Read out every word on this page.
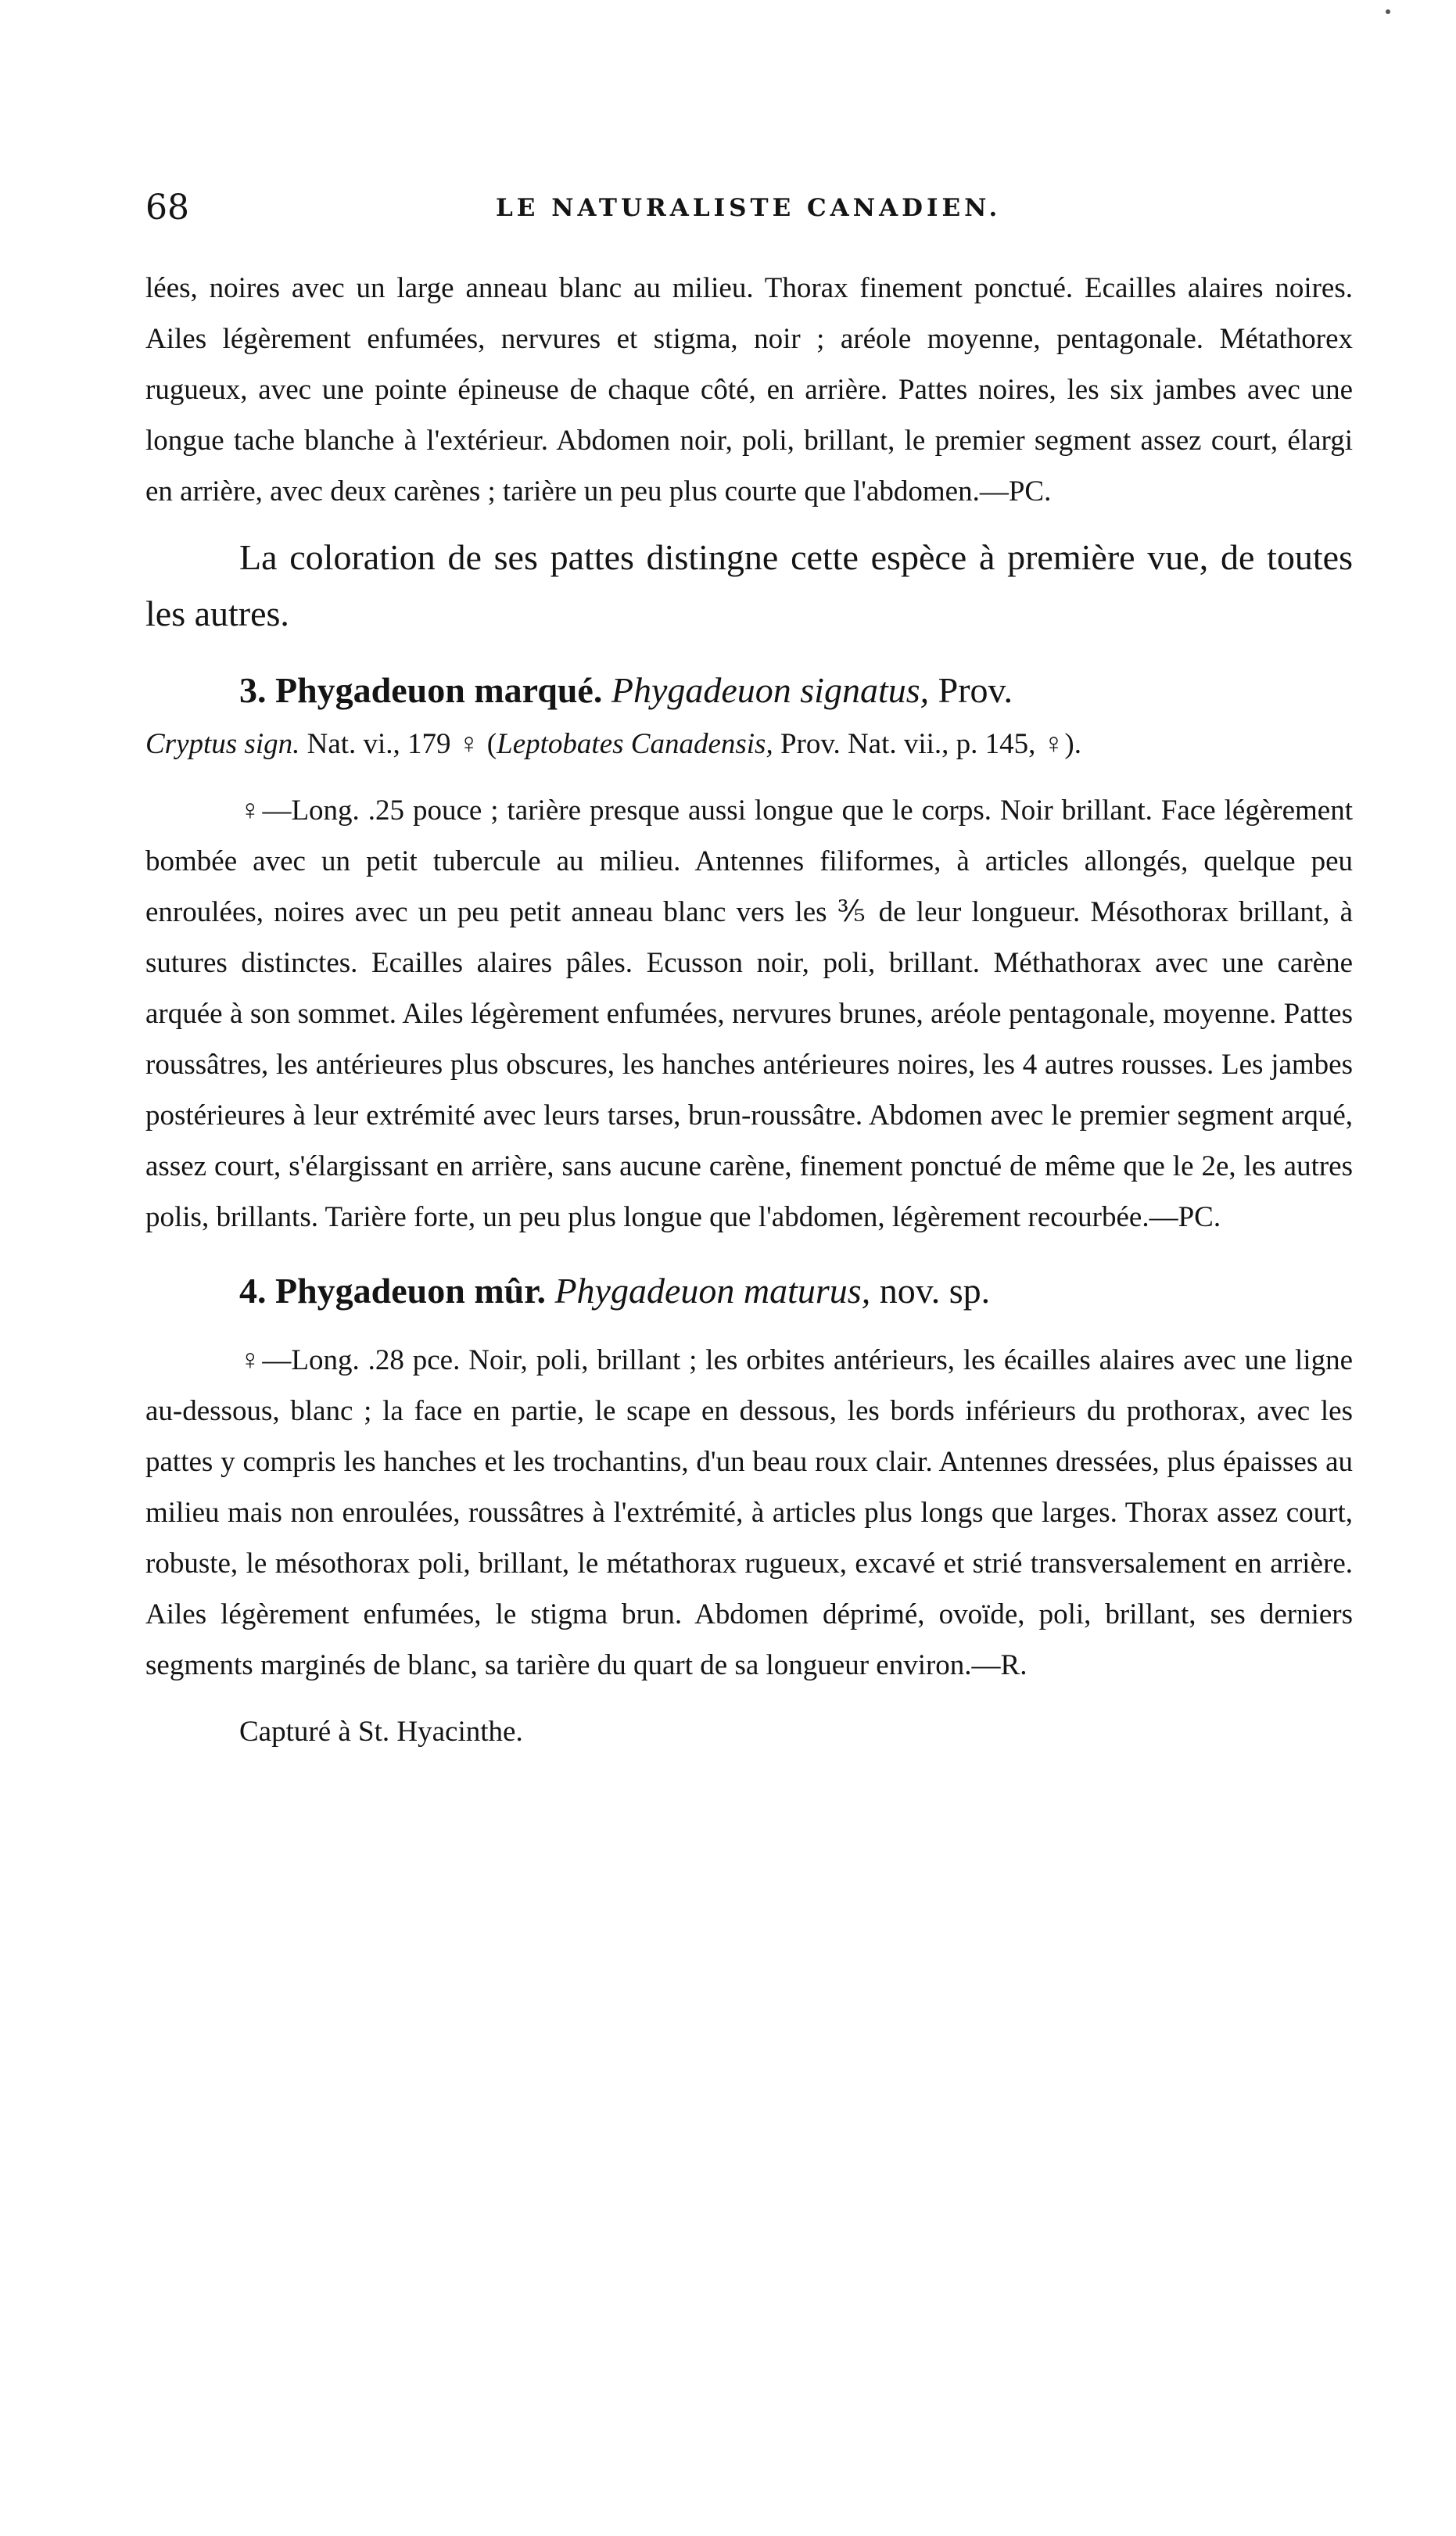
68	LE NATURALISTE CANADIEN.

lées, noires avec un large anneau blanc au milieu. Thorax finement ponctué. Ecailles alaires noires. Ailes légèrement enfumées, nervures et stigma, noir ; aréole moyenne, pentagonale. Métathorex rugueux, avec une pointe épineuse de chaque côté, en arrière. Pattes noires, les six jambes avec une longue tache blanche à l'extérieur. Abdomen noir, poli, brillant, le premier segment assez court, élargi en arrière, avec deux carènes ; tarière un peu plus courte que l'abdomen.—PC.

La coloration de ses pattes distingne cette espèce à première vue, de toutes les autres.

3. Phygadeuon marqué. Phygadeuon signatus, Prov.

Cryptus sign. Nat. vi., 179 ♀ (Leptobates Canadensis, Prov. Nat. vii., p. 145, ♀).

♀—Long. .25 pouce ; tarière presque aussi longue que le corps. Noir brillant. Face légèrement bombée avec un petit tubercule au milieu. Antennes filiformes, à articles allongés, quelque peu enroulées, noires avec un peu petit anneau blanc vers les ⅗ de leur longueur. Mésothorax brillant, à sutures distinctes. Ecailles alaires pâles. Ecusson noir, poli, brillant. Méthathorax avec une carène arquée à son sommet. Ailes légèrement enfumées, nervures brunes, aréole pentagonale, moyenne. Pattes roussâtres, les antérieures plus obscures, les hanches antérieures noires, les 4 autres rousses. Les jambes postérieures à leur extrémité avec leurs tarses, brun-roussâtre. Abdomen avec le premier segment arqué, assez court, s'élargissant en arrière, sans aucune carène, finement ponctué de même que le 2e, les autres polis, brillants. Tarière forte, un peu plus longue que l'abdomen, légèrement recourbée.—PC.

4. Phygadeuon mûr. Phygadeuon maturus, nov. sp.

♀—Long. .28 pce. Noir, poli, brillant ; les orbites antérieurs, les écailles alaires avec une ligne au-dessous, blanc ; la face en partie, le scape en dessous, les bords inférieurs du prothorax, avec les pattes y compris les hanches et les trochantins, d'un beau roux clair. Antennes dressées, plus épaisses au milieu mais non enroulées, roussâtres à l'extrémité, à articles plus longs que larges. Thorax assez court, robuste, le mésothorax poli, brillant, le métathorax rugueux, excavé et strié transversalement en arrière. Ailes légèrement enfumées, le stigma brun. Abdomen déprimé, ovoïde, poli, brillant, ses derniers segments marginés de blanc, sa tarière du quart de sa longueur environ.—R.

Capturé à St. Hyacinthe.
